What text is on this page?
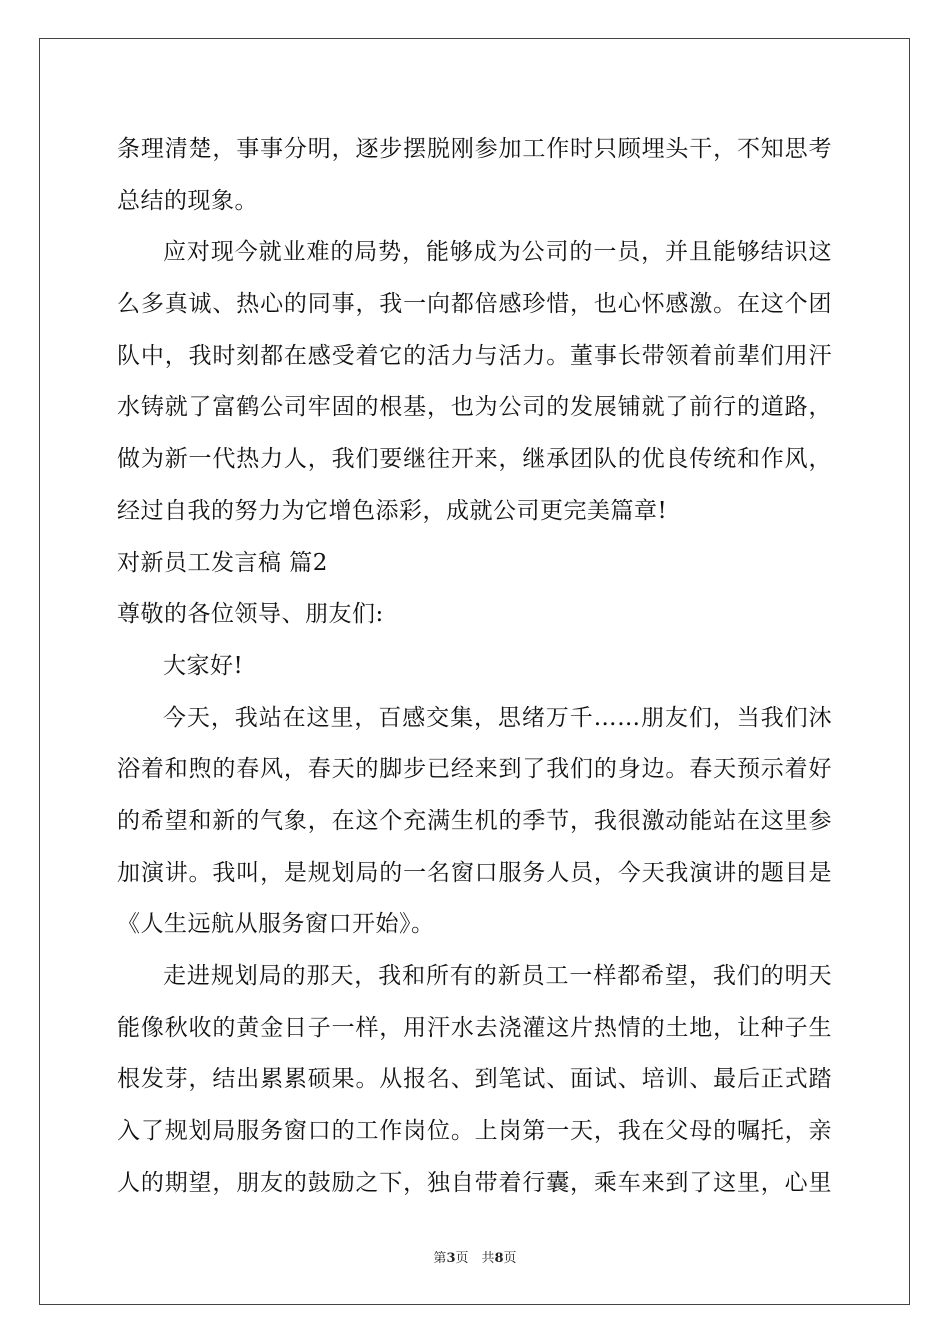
条理清楚，事事分明，逐步摆脱刚参加工作时只顾埋头干，不知思考
总结的现象。
应对现今就业难的局势，能够成为公司的一员，并且能够结识这
么多真诚、热心的同事，我一向都倍感珍惜，也心怀感激。在这个团
队中，我时刻都在感受着它的活力与活力。董事长带领着前辈们用汗
水铸就了富鹤公司牢固的根基，也为公司的发展铺就了前行的道路，
做为新一代热力人，我们要继往开来，继承团队的优良传统和作风，
经过自我的努力为它增色添彩，成就公司更完美篇章!
对新员工发言稿 篇2
尊敬的各位领导、朋友们:
大家好!
今天，我站在这里，百感交集，思绪万千……朋友们，当我们沐
浴着和煦的春风，春天的脚步已经来到了我们的身边。春天预示着好
的希望和新的气象，在这个充满生机的季节，我很激动能站在这里参
加演讲。我叫，是规划局的一名窗口服务人员，今天我演讲的题目是
《人生远航从服务窗口开始》。
走进规划局的那天，我和所有的新员工一样都希望，我们的明天
能像秋收的黄金日子一样，用汗水去浇灌这片热情的土地，让种子生
根发芽，结出累累硕果。从报名、到笔试、面试、培训、最后正式踏
入了规划局服务窗口的工作岗位。上岗第一天，我在父母的嘱托，亲
人的期望，朋友的鼓励之下，独自带着行囊，乘车来到了这里，心里
第3页　共8页
